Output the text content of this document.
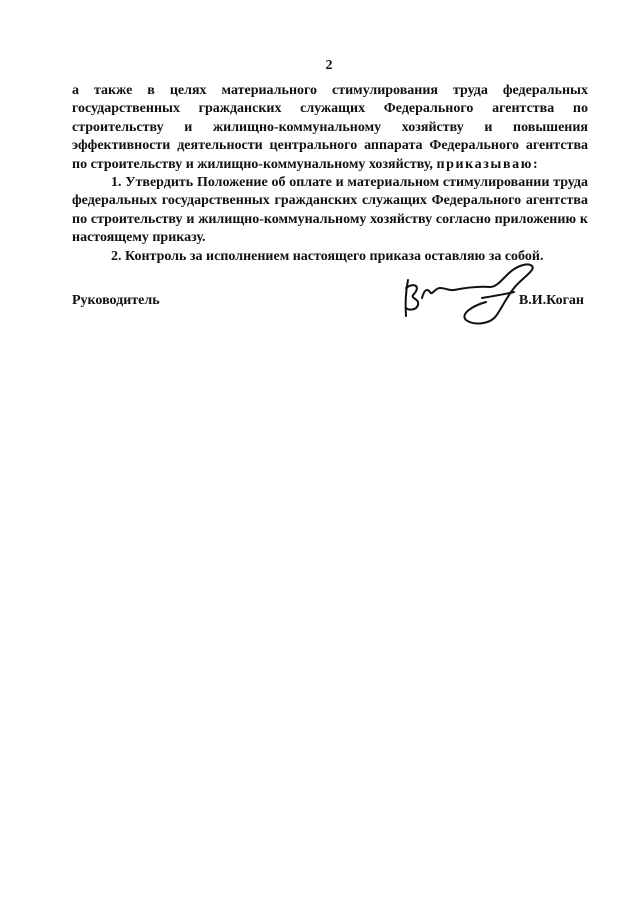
2

а также в целях материального стимулирования труда федеральных государственных гражданских служащих Федерального агентства по строительству и жилищно-коммунальному хозяйству и повышения эффективности деятельности центрального аппарата Федерального агентства по строительству и жилищно-коммунальному хозяйству, приказываю:

1. Утвердить Положение об оплате и материальном стимулировании труда федеральных государственных гражданских служащих Федерального агентства по строительству и жилищно-коммунальному хозяйству согласно приложению к настоящему приказу.

2. Контроль за исполнением настоящего приказа оставляю за собой.

Руководитель	В.И.Коган
